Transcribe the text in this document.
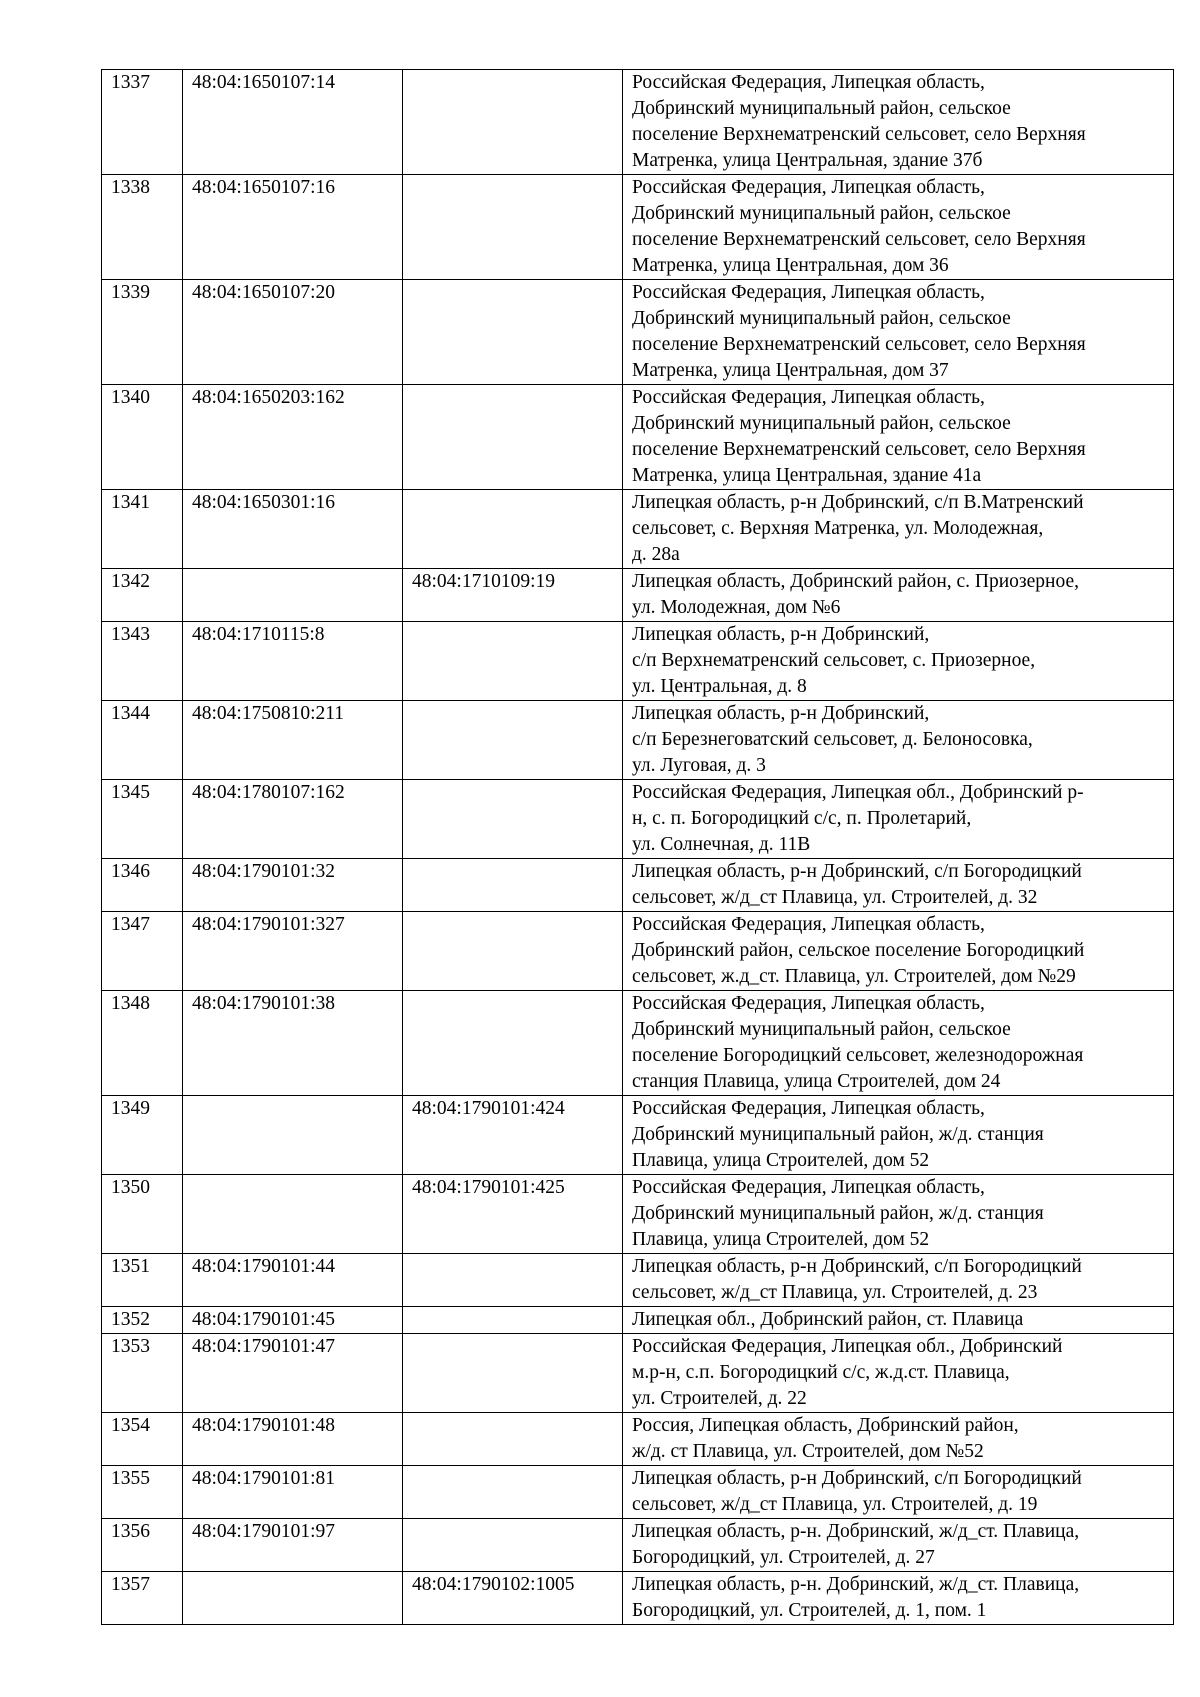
1337	48:04:1650107:14		Российская Федерация, Липецкая область,
Добринский муниципальный район, сельское
поселение Верхнематренский сельсовет, село Верхняя
Матренка, улица Центральная, здание 37б

1338	48:04:1650107:16		Российская Федерация, Липецкая область,
Добринский муниципальный район, сельское
поселение Верхнематренский сельсовет, село Верхняя
Матренка, улица Центральная, дом 36

1339	48:04:1650107:20		Российская Федерация, Липецкая область,
Добринский муниципальный район, сельское
поселение Верхнематренский сельсовет, село Верхняя
Матренка, улица Центральная, дом 37

1340	48:04:1650203:162		Российская Федерация, Липецкая область,
Добринский муниципальный район, сельское
поселение Верхнематренский сельсовет, село Верхняя
Матренка, улица Центральная, здание 41а

1341	48:04:1650301:16		Липецкая область, р-н Добринский, с/п В.Матренский
сельсовет, с. Верхняя Матренка, ул. Молодежная,
д. 28а

1342		48:04:1710109:19	Липецкая область, Добринский район, с. Приозерное,
ул. Молодежная, дом №6

1343	48:04:1710115:8		Липецкая область, р-н Добринский,
с/п Верхнематренский сельсовет, с. Приозерное,
ул. Центральная, д. 8

1344	48:04:1750810:211		Липецкая область, р-н Добринский,
с/п Березнеговатский сельсовет, д. Белоносовка,
ул. Луговая, д. 3

1345	48:04:1780107:162		Российская Федерация, Липецкая обл., Добринский р-
н, с. п. Богородицкий с/с, п. Пролетарий,
ул. Солнечная, д. 11В

1346	48:04:1790101:32		Липецкая область, р-н Добринский, с/п Богородицкий
сельсовет, ж/д_ст Плавица, ул. Строителей, д. 32

1347	48:04:1790101:327		Российская Федерация, Липецкая область,
Добринский район, сельское поселение Богородицкий
сельсовет, ж.д_ст. Плавица, ул. Строителей, дом №29

1348	48:04:1790101:38		Российская Федерация, Липецкая область,
Добринский муниципальный район, сельское
поселение Богородицкий сельсовет, железнодорожная
станция Плавица, улица Строителей, дом 24

1349		48:04:1790101:424	Российская Федерация, Липецкая область,
Добринский муниципальный район, ж/д. станция
Плавица, улица Строителей, дом 52

1350		48:04:1790101:425	Российская Федерация, Липецкая область,
Добринский муниципальный район, ж/д. станция
Плавица, улица Строителей, дом 52

1351	48:04:1790101:44		Липецкая область, р-н Добринский, с/п Богородицкий
сельсовет, ж/д_ст Плавица, ул. Строителей, д. 23

1352	48:04:1790101:45		Липецкая обл., Добринский район, ст. Плавица

1353	48:04:1790101:47		Российская Федерация, Липецкая обл., Добринский
м.р-н, с.п. Богородицкий с/с, ж.д.ст. Плавица,
ул. Строителей, д. 22

1354	48:04:1790101:48		Россия, Липецкая область, Добринский район,
ж/д. ст Плавица, ул. Строителей, дом №52

1355	48:04:1790101:81		Липецкая область, р-н Добринский, с/п Богородицкий
сельсовет, ж/д_ст Плавица, ул. Строителей, д. 19

1356	48:04:1790101:97		Липецкая область, р-н. Добринский, ж/д_ст. Плавица,
Богородицкий, ул. Строителей, д. 27

1357		48:04:1790102:1005	Липецкая область, р-н. Добринский, ж/д_ст. Плавица,
Богородицкий, ул. Строителей, д. 1, пом. 1
